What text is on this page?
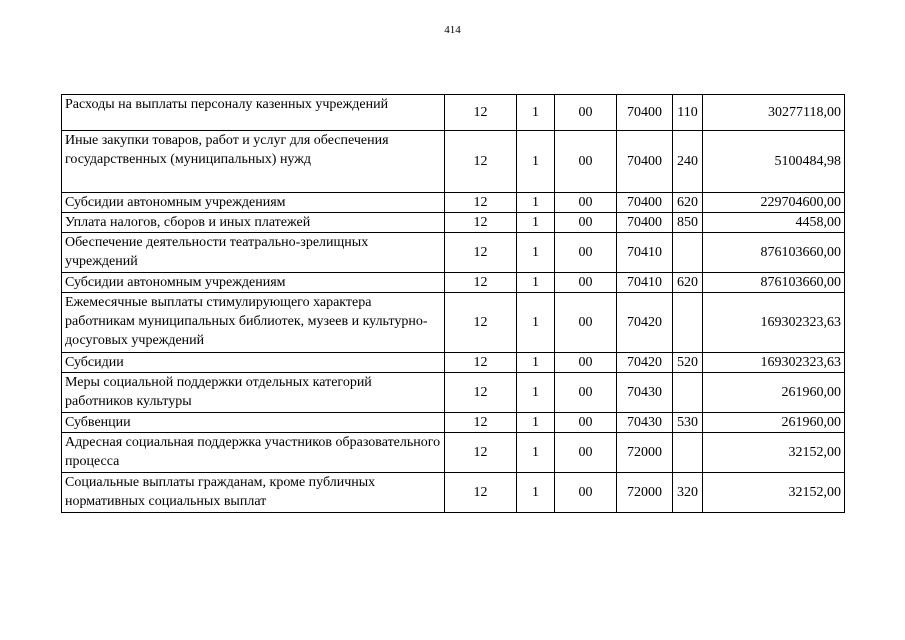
414
Расходы на выплаты персоналу казенных учреждений	12	1	00	70400	110	30277118,00
Иные закупки товаров, работ и услуг для обеспечения государственных (муниципальных) нужд	12	1	00	70400	240	5100484,98
Субсидии автономным учреждениям	12	1	00	70400	620	229704600,00
Уплата налогов, сборов и иных платежей	12	1	00	70400	850	4458,00
Обеспечение деятельности театрально-зрелищных учреждений	12	1	00	70410		876103660,00
Субсидии автономным учреждениям	12	1	00	70410	620	876103660,00
Ежемесячные выплаты стимулирующего характера работникам муниципальных библиотек, музеев и культурно-досуговых учреждений	12	1	00	70420		169302323,63
Субсидии	12	1	00	70420	520	169302323,63
Меры социальной поддержки отдельных категорий работников культуры	12	1	00	70430		261960,00
Субвенции	12	1	00	70430	530	261960,00
Адресная социальная поддержка участников образовательного процесса	12	1	00	72000		32152,00
Социальные выплаты гражданам, кроме публичных нормативных социальных выплат	12	1	00	72000	320	32152,00
